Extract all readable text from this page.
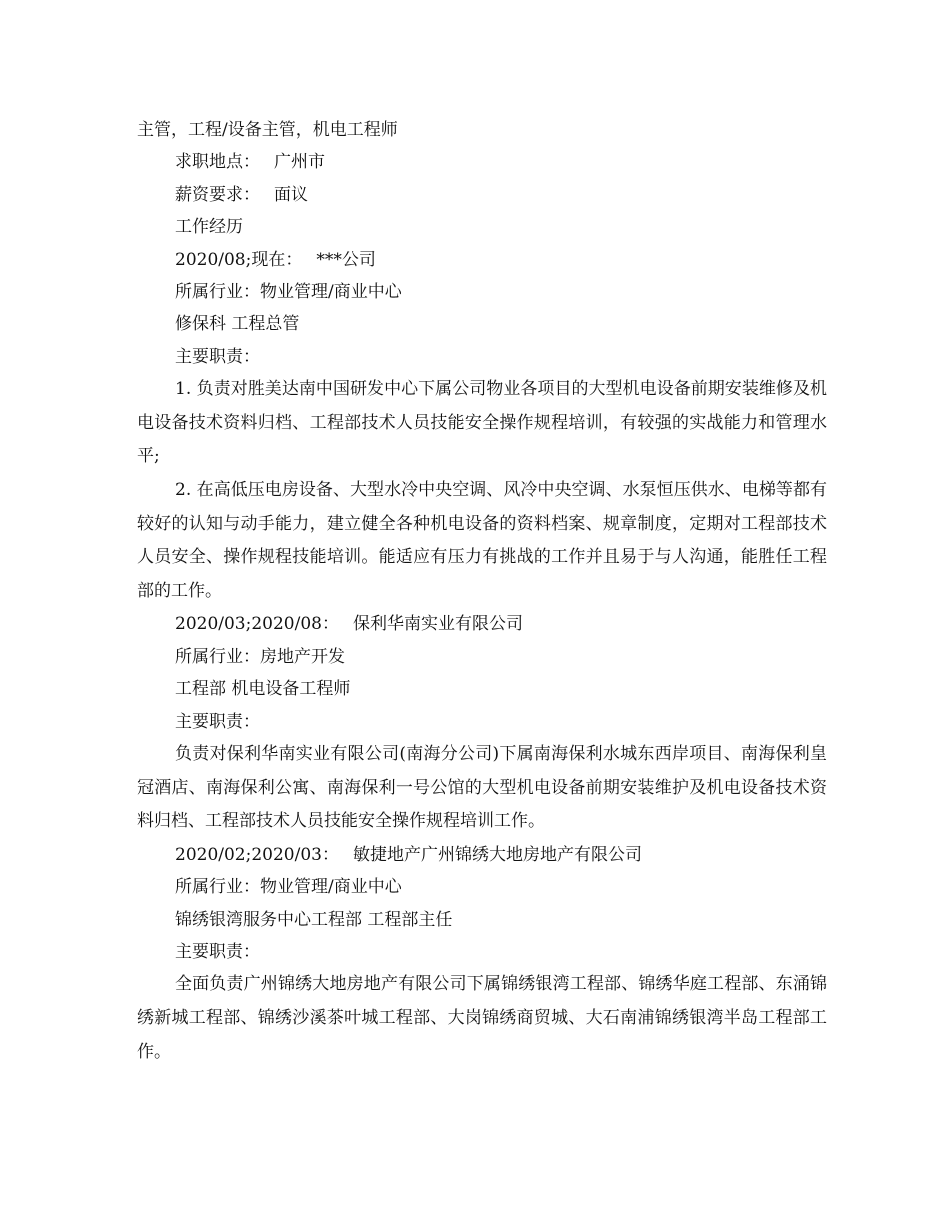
主管，工程/设备主管，机电工程师

求职地点： 广州市

薪资要求： 面议

工作经历

2020/08;现在： ***公司

所属行业：物业管理/商业中心

修保科 工程总管

主要职责：

1. 负责对胜美达南中国研发中心下属公司物业各项目的大型机电设备前期安装维修及机电设备技术资料归档、工程部技术人员技能安全操作规程培训，有较强的实战能力和管理水平;

2. 在高低压电房设备、大型水冷中央空调、风冷中央空调、水泵恒压供水、电梯等都有较好的认知与动手能力，建立健全各种机电设备的资料档案、规章制度，定期对工程部技术人员安全、操作规程技能培训。能适应有压力有挑战的工作并且易于与人沟通，能胜任工程部的工作。

2020/03;2020/08： 保利华南实业有限公司

所属行业：房地产开发

工程部 机电设备工程师

主要职责：

负责对保利华南实业有限公司(南海分公司)下属南海保利水城东西岸项目、南海保利皇冠酒店、南海保利公寓、南海保利一号公馆的大型机电设备前期安装维护及机电设备技术资料归档、工程部技术人员技能安全操作规程培训工作。

2020/02;2020/03： 敏捷地产广州锦绣大地房地产有限公司

所属行业：物业管理/商业中心

锦绣银湾服务中心工程部 工程部主任

主要职责：

全面负责广州锦绣大地房地产有限公司下属锦绣银湾工程部、锦绣华庭工程部、东涌锦绣新城工程部、锦绣沙溪茶叶城工程部、大岗锦绣商贸城、大石南浦锦绣银湾半岛工程部工作。
